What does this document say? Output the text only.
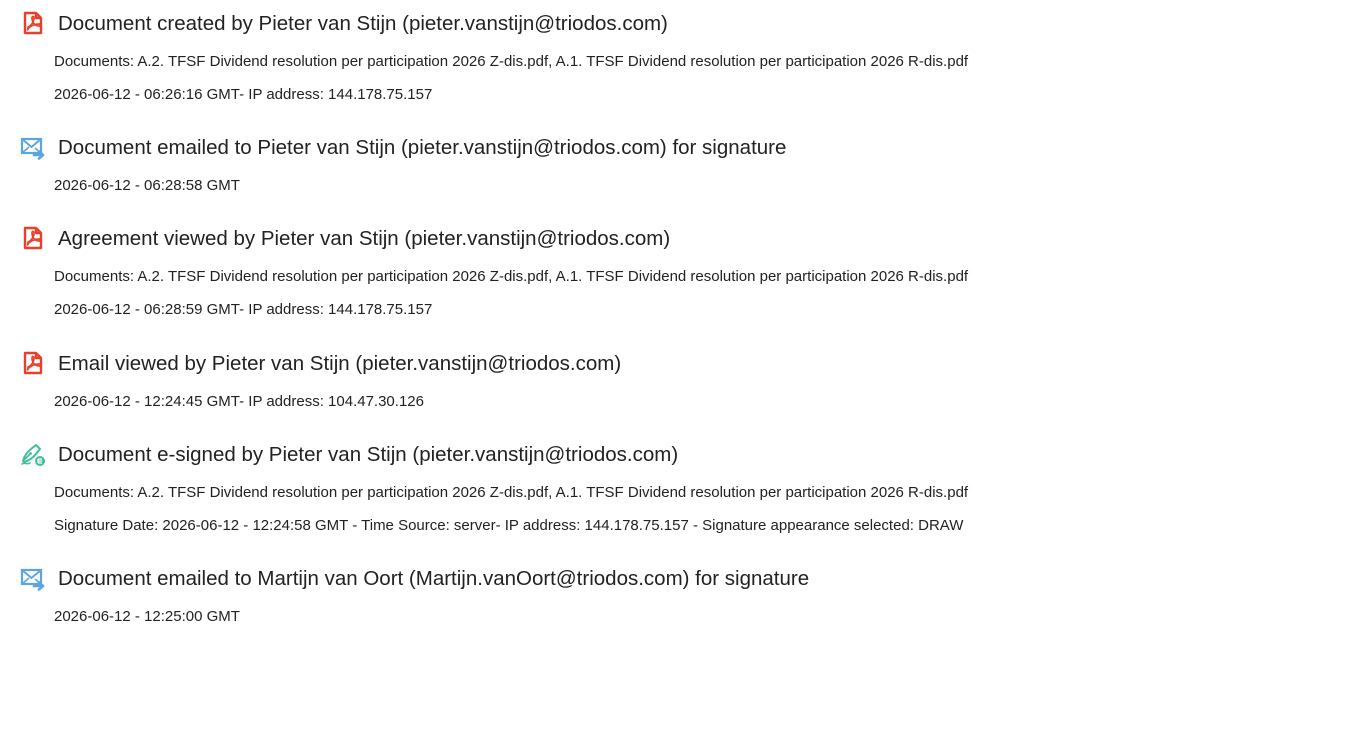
Document created by Pieter van Stijn (pieter.vanstijn@triodos.com)
Documents: A.2. TFSF Dividend resolution per participation 2026 Z-dis.pdf, A.1. TFSF Dividend resolution per participation 2026 R-dis.pdf
2026-06-12 - 06:26:16 GMT- IP address: 144.178.75.157
Document emailed to Pieter van Stijn (pieter.vanstijn@triodos.com) for signature
2026-06-12 - 06:28:58 GMT
Agreement viewed by Pieter van Stijn (pieter.vanstijn@triodos.com)
Documents: A.2. TFSF Dividend resolution per participation 2026 Z-dis.pdf, A.1. TFSF Dividend resolution per participation 2026 R-dis.pdf
2026-06-12 - 06:28:59 GMT- IP address: 144.178.75.157
Email viewed by Pieter van Stijn (pieter.vanstijn@triodos.com)
2026-06-12 - 12:24:45 GMT- IP address: 104.47.30.126
Document e-signed by Pieter van Stijn (pieter.vanstijn@triodos.com)
Documents: A.2. TFSF Dividend resolution per participation 2026 Z-dis.pdf, A.1. TFSF Dividend resolution per participation 2026 R-dis.pdf
Signature Date: 2026-06-12 - 12:24:58 GMT - Time Source: server- IP address: 144.178.75.157 - Signature appearance selected: DRAW
Document emailed to Martijn van Oort (Martijn.vanOort@triodos.com) for signature
2026-06-12 - 12:25:00 GMT
